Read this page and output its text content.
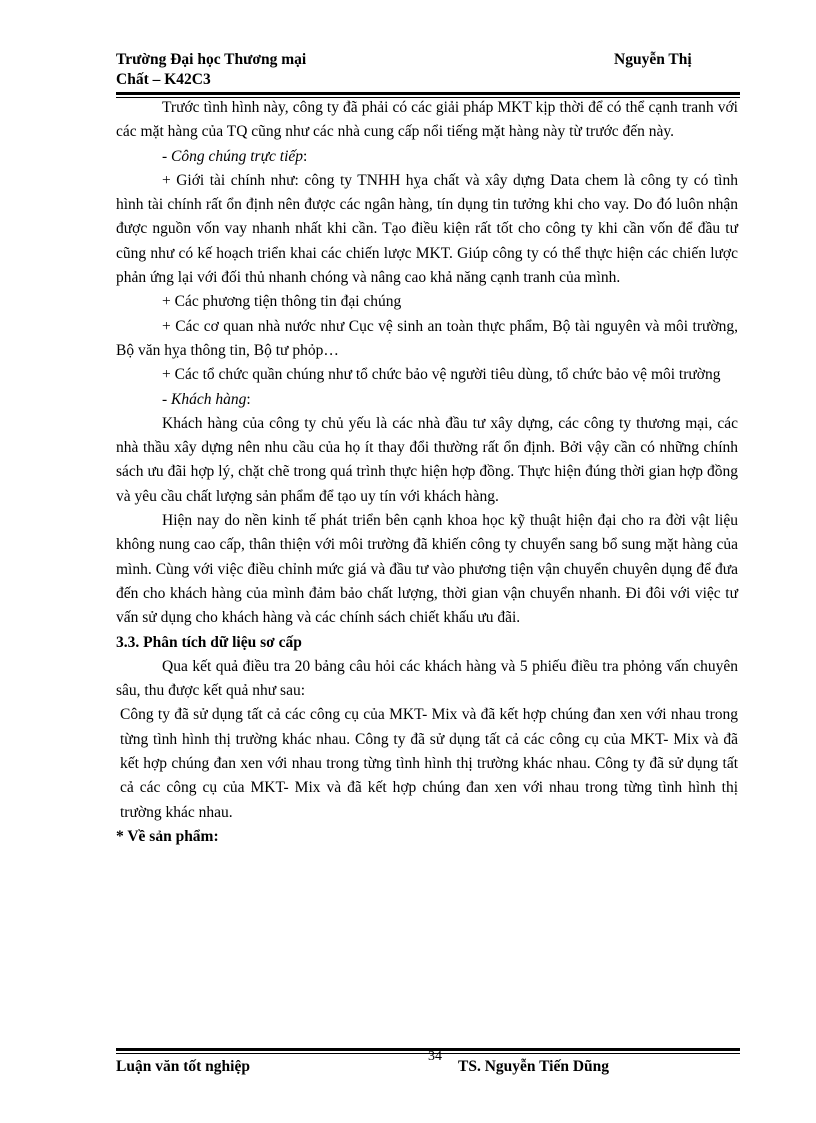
Trường Đại học Thương mại
Chất – K42C3
Nguyễn Thị

Trước tình hình này, công ty đã phải có các giải pháp MKT kịp thời để có thể cạnh tranh với các mặt hàng của TQ cũng như các nhà cung cấp nổi tiếng mặt hàng này từ trước đến này.

- Công chúng trực tiếp:

+ Giới tài chính như: công ty TNHH hỵa chất và xây dựng Data chem là công ty có tình hình tài chính rất ổn định nên được các ngân hàng, tín dụng tin tưởng khi cho vay. Do đó luôn nhận được nguồn vốn vay nhanh nhất khi cần. Tạo điều kiện rất tốt cho công ty khi cần vốn để đầu tư cũng như có kế hoạch triển khai các chiến lược MKT. Giúp công ty có thể thực hiện các chiến lược phản ứng lại với đối thủ nhanh chóng và nâng cao khả năng cạnh tranh của mình.

+ Các phương tiện thông tin đại chúng

+ Các cơ quan nhà nước như Cục vệ sinh an toàn thực phẩm, Bộ tài nguyên và môi trường, Bộ văn hỵa thông tin, Bộ tư phỏp…

+ Các tổ chức quần chúng như tổ chức bảo vệ người tiêu dùng, tổ chức bảo vệ môi trường

- Khách hàng:

Khách hàng của công ty chủ yếu là các nhà đầu tư xây dựng, các công ty thương mại, các nhà thầu xây dựng nên nhu cầu của họ ít thay đổi thường rất ổn định. Bởi vậy cần có những chính sách ưu đãi hợp lý, chặt chẽ trong quá trình thực hiện hợp đồng. Thực hiện đúng thời gian hợp đồng và yêu cầu chất lượng sản phẩm để tạo uy tín với khách hàng.

Hiện nay do nền kinh tế phát triển bên cạnh khoa học kỹ thuật hiện đại cho ra đời vật liệu không nung cao cấp, thân thiện với môi trường đã khiến công ty chuyển sang bổ sung mặt hàng của mình. Cùng với việc điều chỉnh mức giá và đầu tư vào phương tiện vận chuyển chuyên dụng để đưa đến cho khách hàng của mình đảm bảo chất lượng, thời gian vận chuyển nhanh. Đi đôi với việc tư vấn sử dụng cho khách hàng và các chính sách chiết khấu ưu đãi.

3.3. Phân tích dữ liệu sơ cấp

Qua kết quả điều tra 20 bảng câu hỏi các khách hàng và 5 phiếu điều tra phỏng vấn chuyên sâu, thu được kết quả như sau:

Công ty đã sử dụng tất cả các công cụ của MKT- Mix và đã kết hợp chúng đan xen với nhau trong từng tình hình thị trường khác nhau. Công ty đã sử dụng tất cả các công cụ của MKT- Mix và đã kết hợp chúng đan xen với nhau trong từng tình hình thị trường khác nhau. Công ty đã sử dụng tất cả các công cụ của MKT- Mix và đã kết hợp chúng đan xen với nhau trong từng tình hình thị trường khác nhau.

* Về sản phẩm:

Luận văn tốt nghiệp
34
TS. Nguyễn Tiến Dũng
